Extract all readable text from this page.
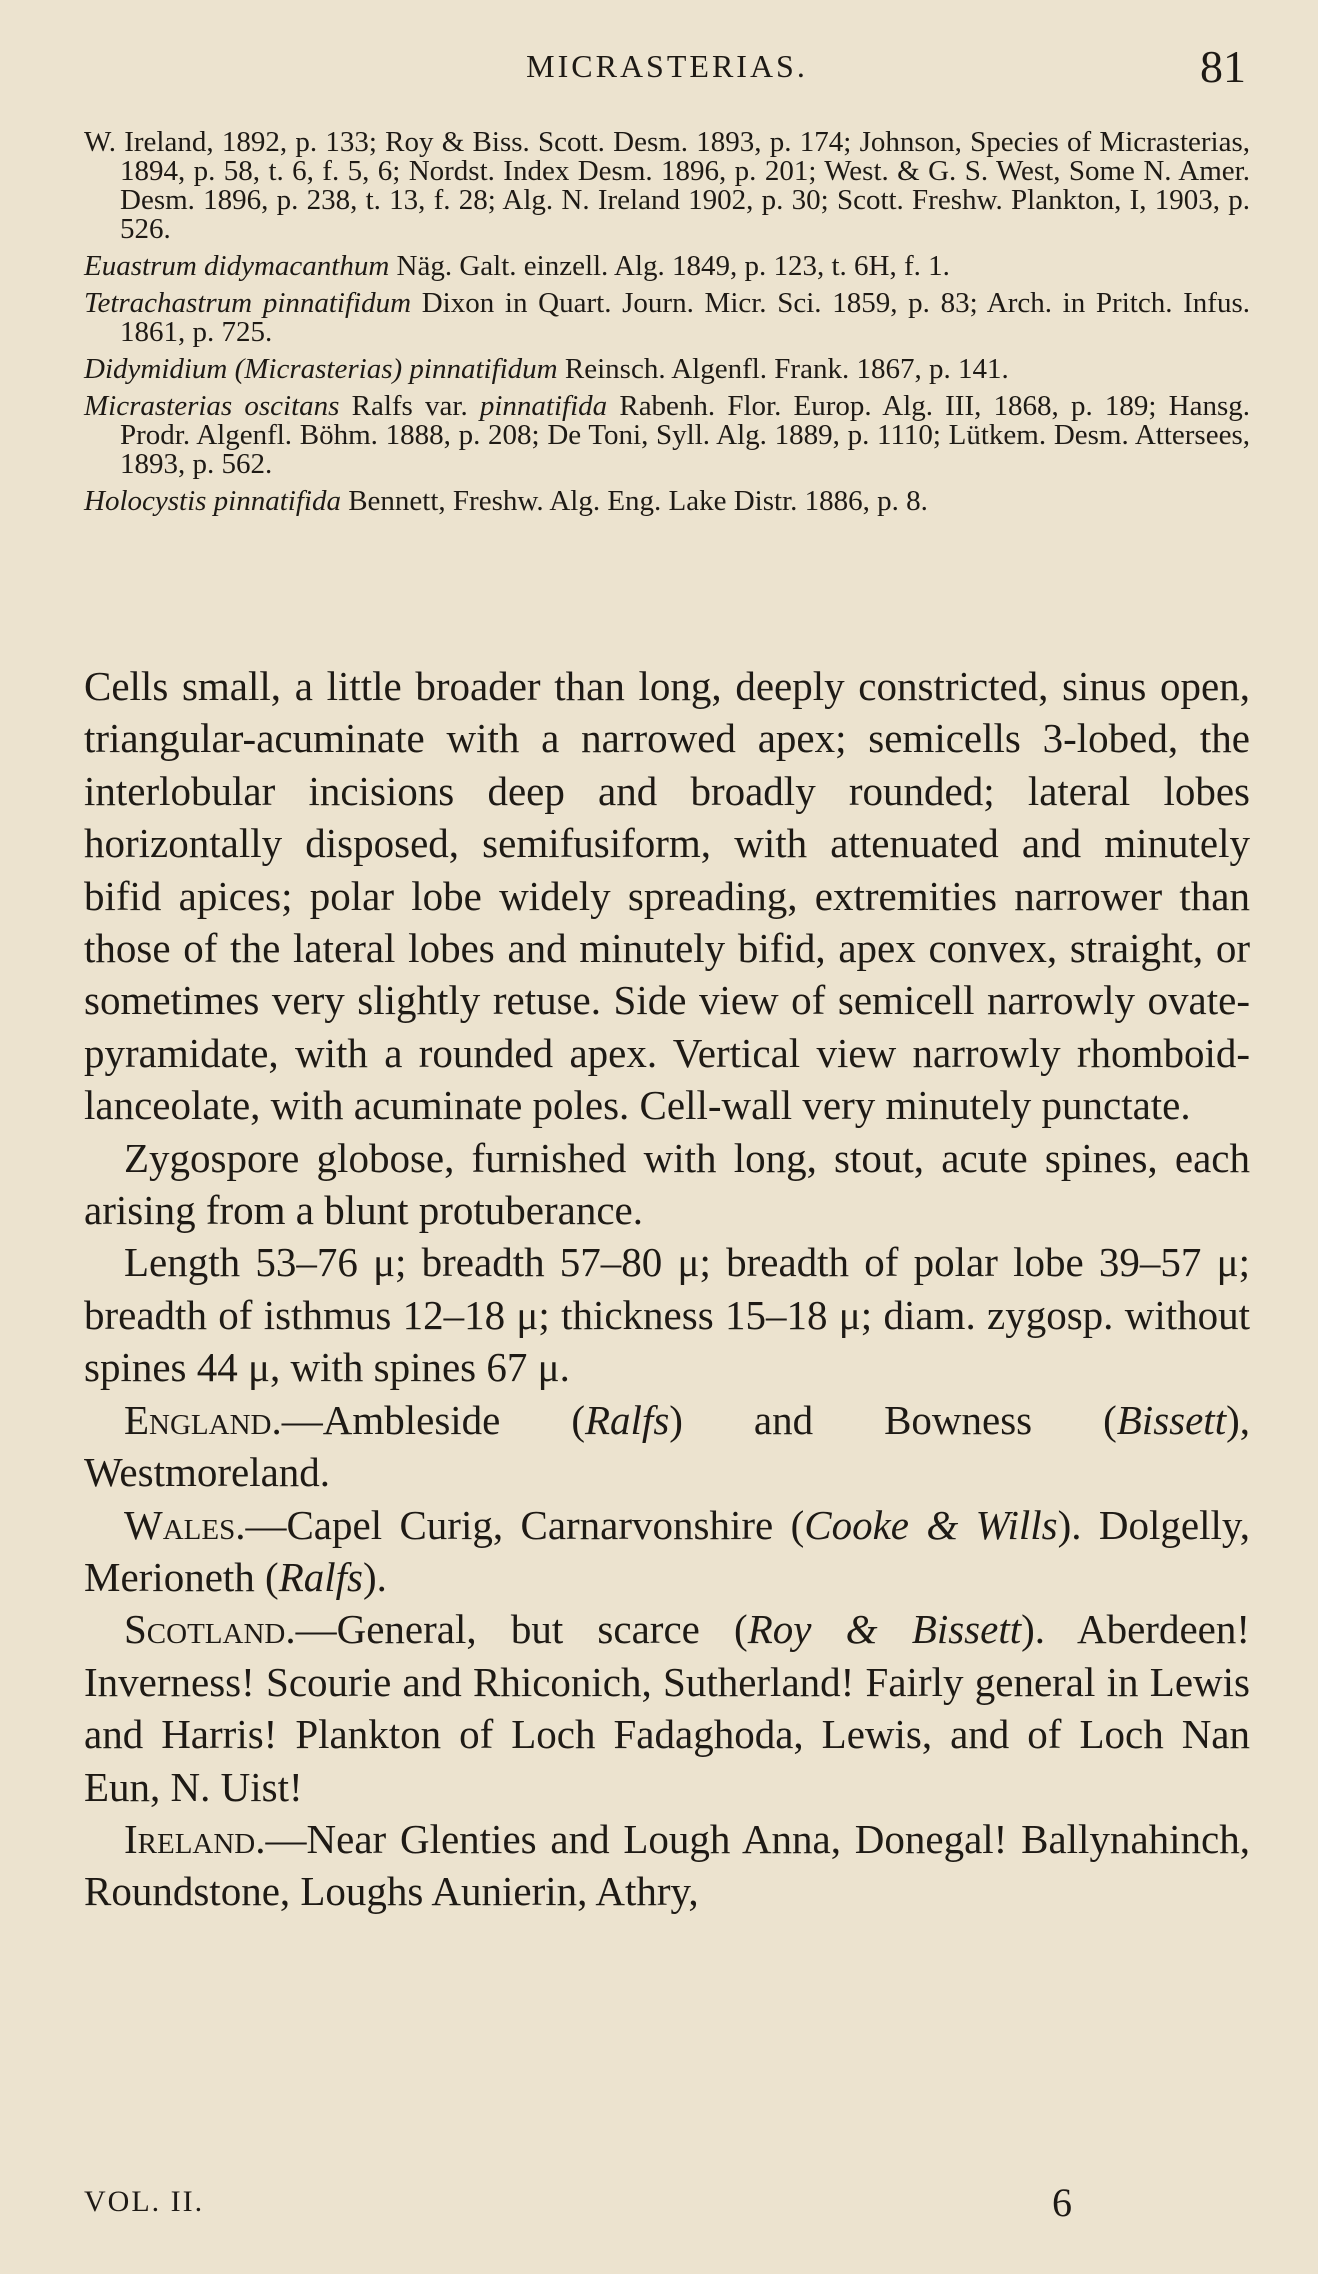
MICRASTERIAS.	81

W. Ireland, 1892, p. 133; Roy & Biss. Scott. Desm. 1893, p. 174; Johnson, Species of Micrasterias, 1894, p. 58, t. 6, f. 5, 6; Nordst. Index Desm. 1896, p. 201; West. & G. S. West, Some N. Amer. Desm. 1896, p. 238, t. 13, f. 28; Alg. N. Ireland 1902, p. 30; Scott. Freshw. Plankton, I, 1903, p. 526.

Euastrum didymacanthum Näg. Galt. einzell. Alg. 1849, p. 123, t. 6H, f. 1.

Tetrachastrum pinnatifidum Dixon in Quart. Journ. Micr. Sci. 1859, p. 83; Arch. in Pritch. Infus. 1861, p. 725.

Didymidium (Micrasterias) pinnatifidum Reinsch. Algenfl. Frank. 1867, p. 141.

Micrasterias oscitans Ralfs var. pinnatifida Rabenh. Flor. Europ. Alg. III, 1868, p. 189; Hansg. Prodr. Algenfl. Böhm. 1888, p. 208; De Toni, Syll. Alg. 1889, p. 1110; Lütkem. Desm. Attersees, 1893, p. 562.

Holocystis pinnatifida Bennett, Freshw. Alg. Eng. Lake Distr. 1886, p. 8.

Cells small, a little broader than long, deeply constricted, sinus open, triangular-acuminate with a narrowed apex; semicells 3-lobed, the interlobular incisions deep and broadly rounded; lateral lobes horizontally disposed, semifusiform, with attenuated and minutely bifid apices; polar lobe widely spreading, extremities narrower than those of the lateral lobes and minutely bifid, apex convex, straight, or sometimes very slightly retuse. Side view of semicell narrowly ovate-pyramidate, with a rounded apex. Vertical view narrowly rhomboid-lanceolate, with acuminate poles. Cell-wall very minutely punctate.

Zygospore globose, furnished with long, stout, acute spines, each arising from a blunt protuberance.

Length 53–76 μ; breadth 57–80 μ; breadth of polar lobe 39–57 μ; breadth of isthmus 12–18 μ; thickness 15–18 μ; diam. zygosp. without spines 44 μ, with spines 67 μ.

England.—Ambleside (Ralfs) and Bowness (Bissett), Westmoreland.

Wales.—Capel Curig, Carnarvonshire (Cooke & Wills). Dolgelly, Merioneth (Ralfs).

Scotland.—General, but scarce (Roy & Bissett). Aberdeen! Inverness! Scourie and Rhiconich, Sutherland! Fairly general in Lewis and Harris! Plankton of Loch Fadaghoda, Lewis, and of Loch Nan Eun, N. Uist!

Ireland.—Near Glenties and Lough Anna, Donegal! Ballynahinch, Roundstone, Loughs Aunierin, Athry,

VOL. II.	6
